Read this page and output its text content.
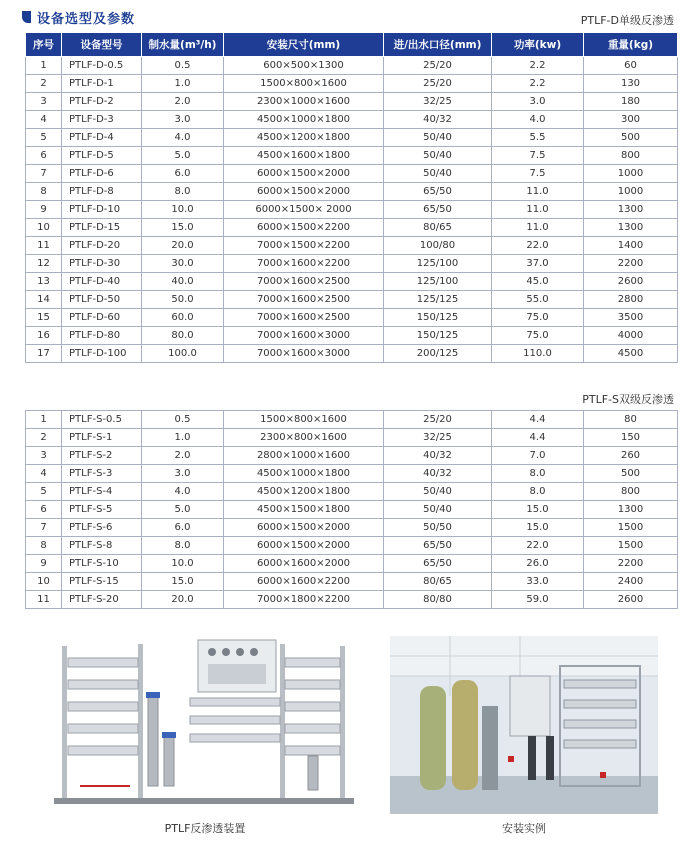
设备选型及参数	PTLF-D单级反渗透
序号	设备型号	制水量(m³/h)	安装尺寸(mm)	进/出水口径(mm)	功率(kw)	重量(kg)
1	PTLF-D-0.5	0.5	600×500×1300	25/20	2.2	60
2	PTLF-D-1	1.0	1500×800×1600	25/20	2.2	130
3	PTLF-D-2	2.0	2300×1000×1600	32/25	3.0	180
4	PTLF-D-3	3.0	4500×1000×1800	40/32	4.0	300
5	PTLF-D-4	4.0	4500×1200×1800	50/40	5.5	500
6	PTLF-D-5	5.0	4500×1600×1800	50/40	7.5	800
7	PTLF-D-6	6.0	6000×1500×2000	50/40	7.5	1000
8	PTLF-D-8	8.0	6000×1500×2000	65/50	11.0	1000
9	PTLF-D-10	10.0	6000×1500× 2000	65/50	11.0	1300
10	PTLF-D-15	15.0	6000×1500×2200	80/65	11.0	1300
11	PTLF-D-20	20.0	7000×1500×2200	100/80	22.0	1400
12	PTLF-D-30	30.0	7000×1600×2200	125/100	37.0	2200
13	PTLF-D-40	40.0	7000×1600×2500	125/100	45.0	2600
14	PTLF-D-50	50.0	7000×1600×2500	125/125	55.0	2800
15	PTLF-D-60	60.0	7000×1600×2500	150/125	75.0	3500
16	PTLF-D-80	80.0	7000×1600×3000	150/125	75.0	4000
17	PTLF-D-100	100.0	7000×1600×3000	200/125	110.0	4500
PTLF-S双级反渗透
1	PTLF-S-0.5	0.5	1500×800×1600	25/20	4.4	80
2	PTLF-S-1	1.0	2300×800×1600	32/25	4.4	150
3	PTLF-S-2	2.0	2800×1000×1600	40/32	7.0	260
4	PTLF-S-3	3.0	4500×1000×1800	40/32	8.0	500
5	PTLF-S-4	4.0	4500×1200×1800	50/40	8.0	800
6	PTLF-S-5	5.0	4500×1500×1800	50/40	15.0	1300
7	PTLF-S-6	6.0	6000×1500×2000	50/50	15.0	1500
8	PTLF-S-8	8.0	6000×1500×2000	65/50	22.0	1500
9	PTLF-S-10	10.0	6000×1600×2000	65/50	26.0	2200
10	PTLF-S-15	15.0	6000×1600×2200	80/65	33.0	2400
11	PTLF-S-20	20.0	7000×1800×2200	80/80	59.0	2600
PTLF反渗透装置	安装实例
